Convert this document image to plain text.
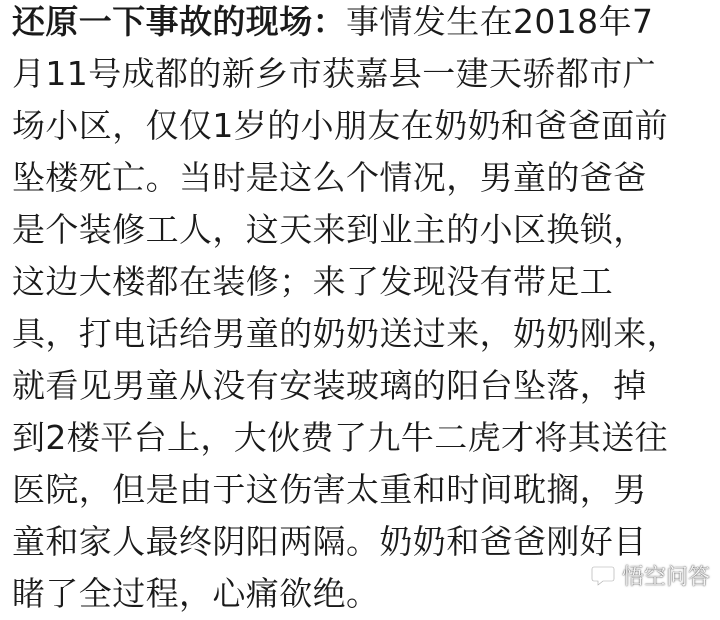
还原一下事故的现场：事情发生在2018年7
月11号成都的新乡市获嘉县一建天骄都市广
场小区，仅仅1岁的小朋友在奶奶和爸爸面前
坠楼死亡。当时是这么个情况，男童的爸爸
是个装修工人，这天来到业主的小区换锁，
这边大楼都在装修；来了发现没有带足工
具，打电话给男童的奶奶送过来，奶奶刚来，
就看见男童从没有安装玻璃的阳台坠落，掉
到2楼平台上，大伙费了九牛二虎才将其送往
医院，但是由于这伤害太重和时间耽搁，男
童和家人最终阴阳两隔。奶奶和爸爸刚好目
睹了全过程，心痛欲绝。	悟空问答
